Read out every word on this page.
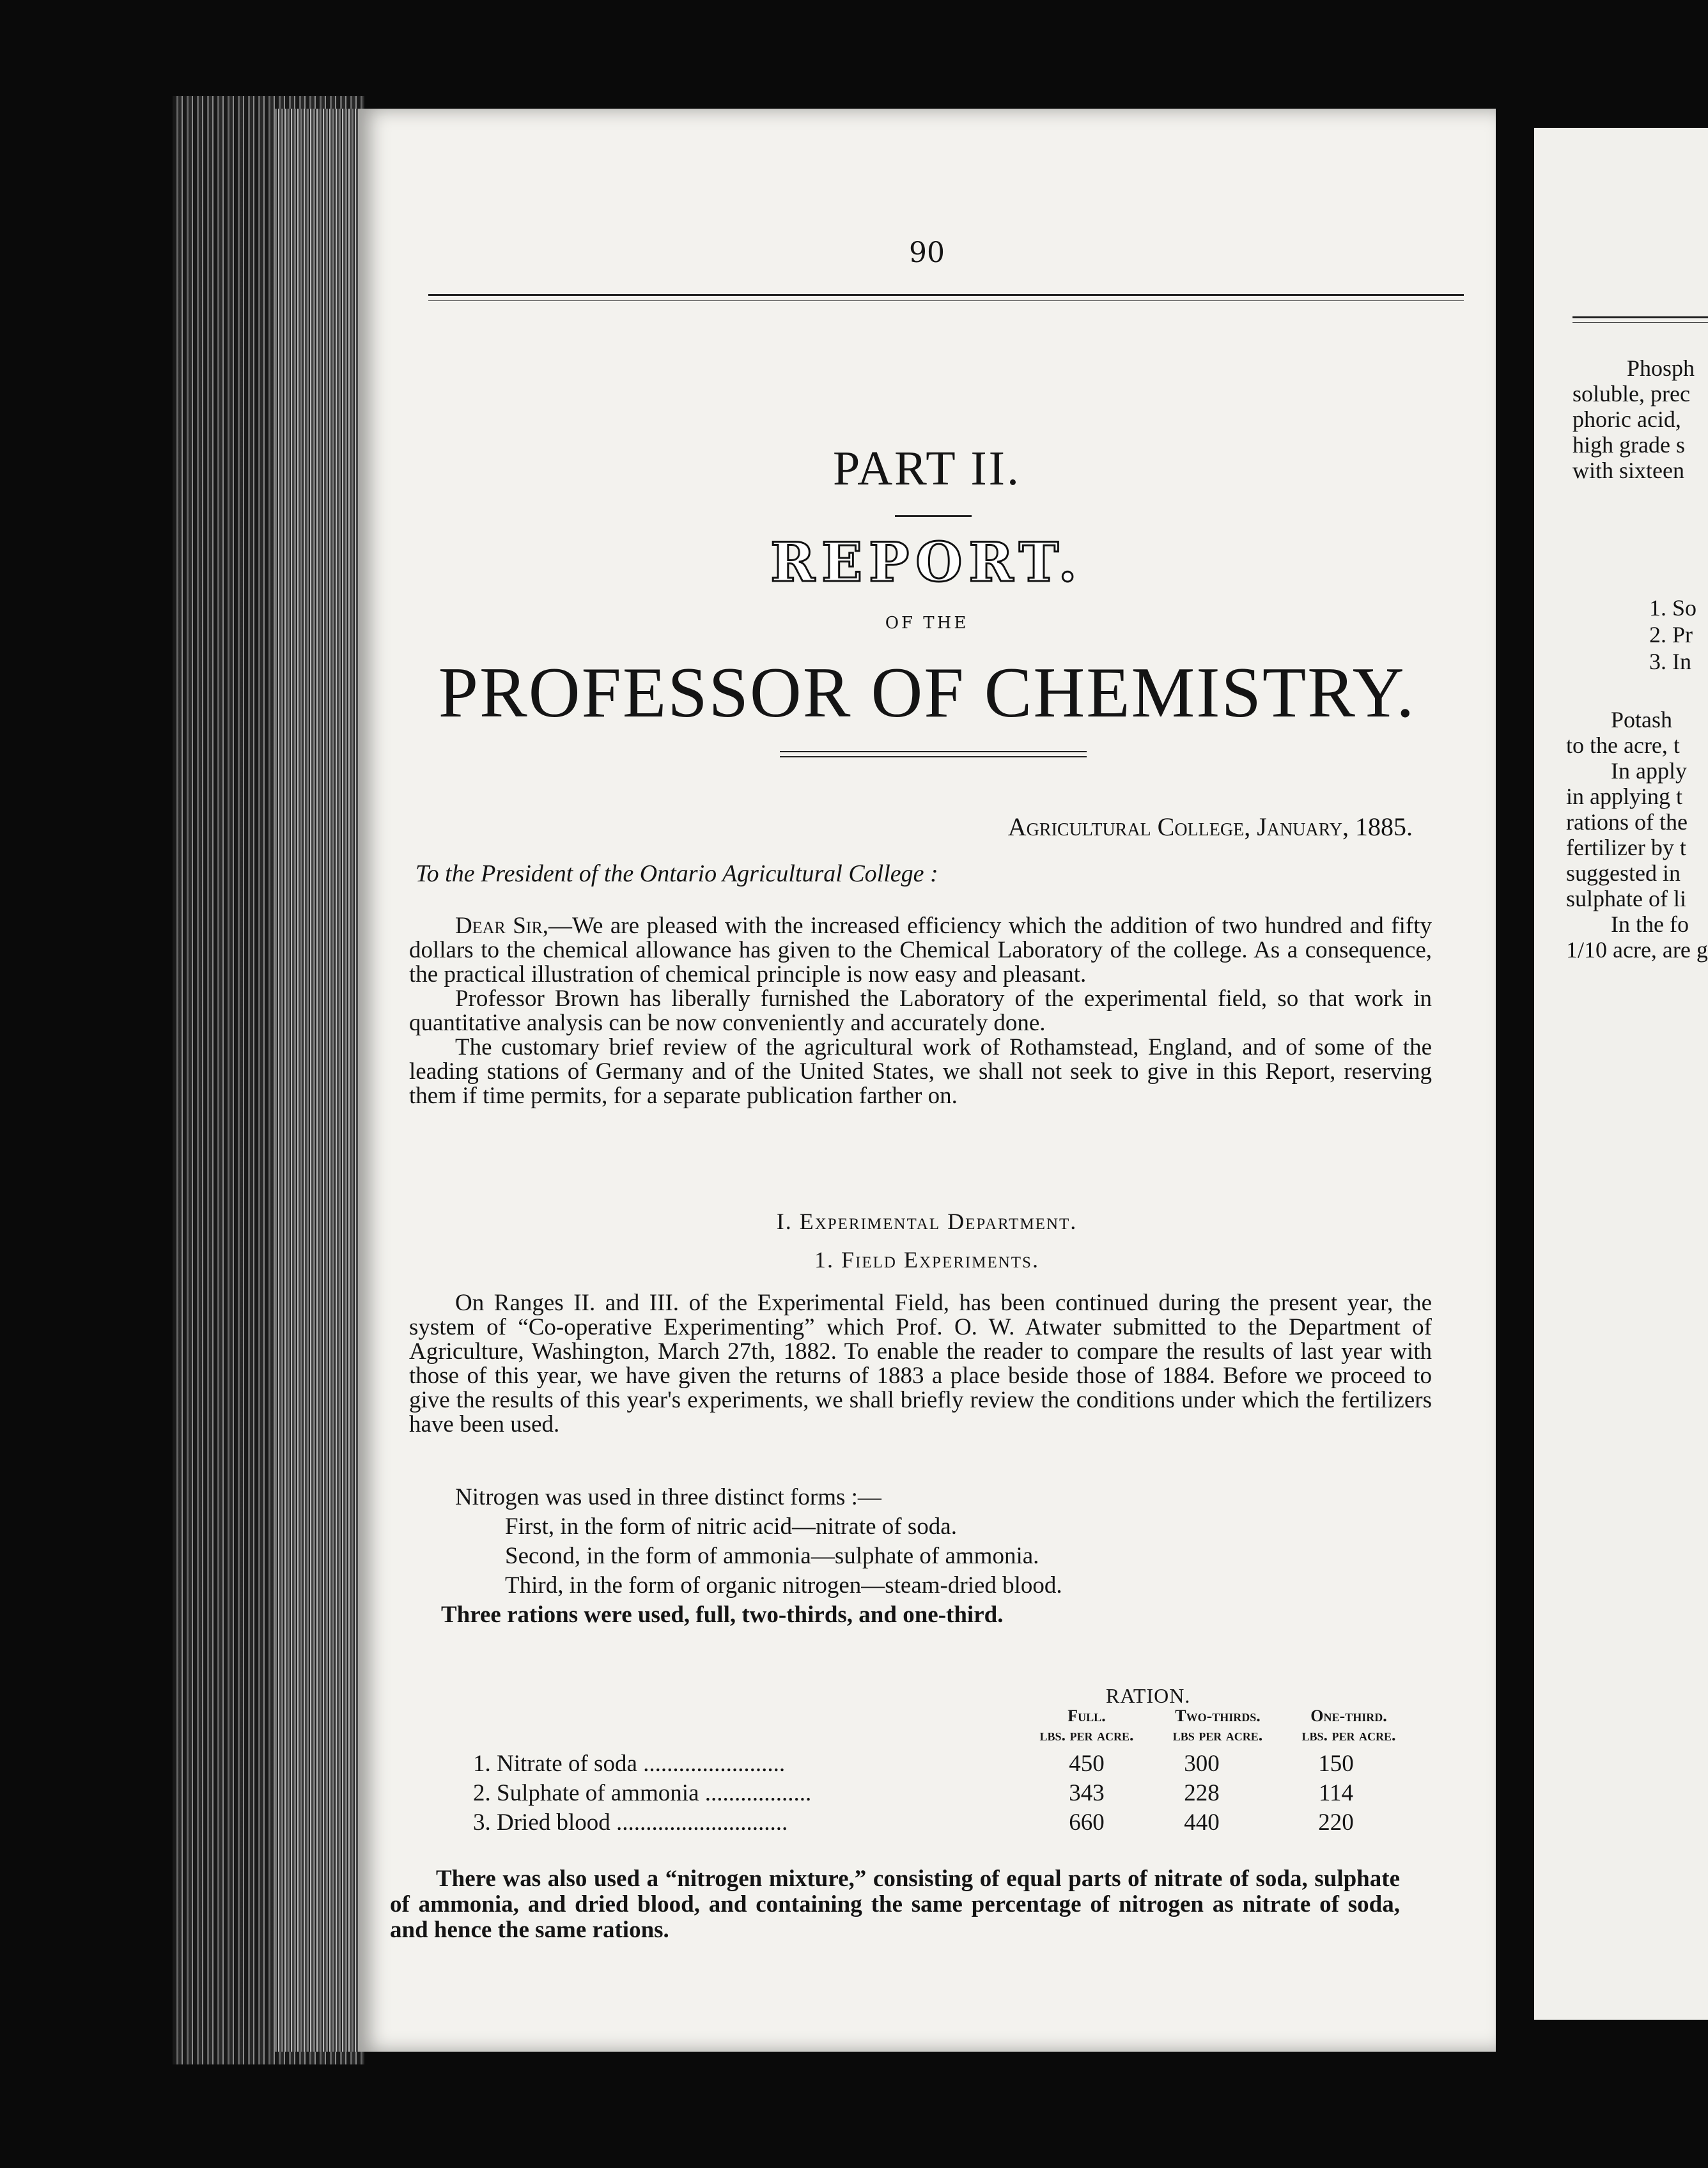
90
PART II.
REPORT.
OF THE
PROFESSOR OF CHEMISTRY.
Agricultural College, January, 1885.
To the President of the Ontario Agricultural College :

Dear Sir,—We are pleased with the increased efficiency which the addition of two hundred and fifty dollars to the chemical allowance has given to the Chemical Laboratory of the college. As a consequence, the practical illustration of chemical principle is now easy and pleasant.

Professor Brown has liberally furnished the Laboratory of the experimental field, so that work in quantitative analysis can be now conveniently and accurately done.

The customary brief review of the agricultural work of Rothamstead, England, and of some of the leading stations of Germany and of the United States, we shall not seek to give in this Report, reserving them if time permits, for a separate publication farther on.

I. Experimental Department.
1. Field Experiments.

On Ranges II. and III. of the Experimental Field, has been continued during the present year, the system of “Co-operative Experimenting” which Prof. O. W. Atwater submitted to the Department of Agriculture, Washington, March 27th, 1882. To enable the reader to compare the results of last year with those of this year, we have given the returns of 1883 a place beside those of 1884. Before we proceed to give the results of this year's experiments, we shall briefly review the conditions under which the fertilizers have been used.

Nitrogen was used in three distinct forms :—
First, in the form of nitric acid—nitrate of soda.
Second, in the form of ammonia—sulphate of ammonia.
Third, in the form of organic nitrogen—steam-dried blood.
Three rations were used, full, two-thirds, and one-third.
RATION.
Full.
lbs. per acre.
Two-thirds.
lbs per acre.
One-third.
lbs. per acre.
1. Nitrate of soda ........................	450	300	150
2. Sulphate of ammonia ..................	343	228	114
3. Dried blood .............................	660	440	220

There was also used a “nitrogen mixture,” consisting of equal parts of nitrate of soda, sulphate of ammonia, and dried blood, and containing the same percentage of nitrogen as nitrate of soda, and hence the same rations.

Phosph
soluble, prec
phoric acid,
high grade s
with sixteen
1. So
2. Pr
3. In
Potash
to the acre, t
In apply
in applying t
rations of the
fertilizer by t
suggested in
sulphate of li
In the fo
1/10 acre, are g
